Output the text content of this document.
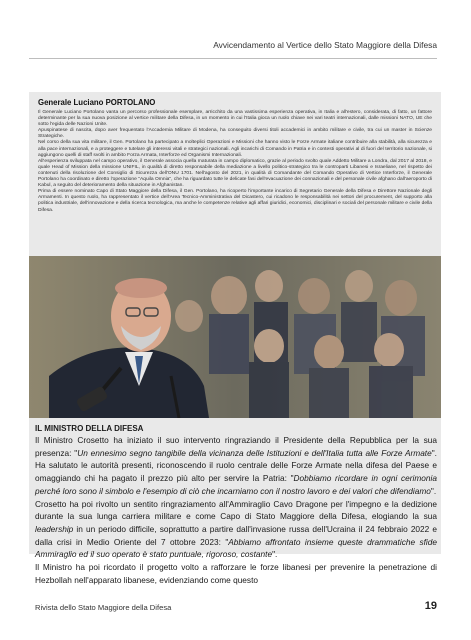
Avvicendamento al Vertice dello Stato Maggiore della Difesa
Generale Luciano PORTOLANO

Il Generale Luciano Portolano vanta un percorso professionale esemplare, arricchito da una vastissima esperienza operativa, in Italia e all'estero, considerata, di fatto, un fattore determinante per la sua nuova posizione al vertice militare della Difesa, in un momento in cui l'Italia gioca un ruolo chiave nei vari teatri internazionali, dalle missioni NATO, UE che sotto l'egida delle Nazioni Unite.

Apuspinatese di nascita, dopo aver frequentato l'Accademia Militare di Modena, ha conseguito diversi titoli accademici in ambito militare e civile, tra cui un master in Scienze Strategiche.

Nel corso della sua vita militare, il Gen. Portolano ha partecipato a molteplici Operazioni e Missioni che hanno visto le Forze Armate italiane contribuire alla stabilità, alla sicurezza e alla pace internazionali, e a proteggere e tutelare gli interessi vitali e strategici nazionali. Agli incarichi di Comando in Patria e in contesti operativi al di fuori del territorio nazionale, si aggiungono quelli di staff svolti in ambito Forza Armata, Interforze ed Organismi Internazionali.

All'esperienza sviluppata nel campo operativo, il Generale associa quella maturata in campo diplomatico, grazie al periodo svolto quale Addetto Militare a Londra, dal 2017 al 2018, e quale Head of Mission della missione UNIFIL, in qualità di diretto responsabile della mediazione a livello politico-strategico tra le controparti Libanesi e Israeliane, nel rispetto dei contenuti della risoluzione del Consiglio di Sicurezza dell'ONU 1701. Nell'agosto del 2021, in qualità di Comandante del Comando Operativo di Vertice Interforze, il Generale Portolano ha coordinato e diretto l'operazione "Aquila Omnia", che ha riguardato tutte le delicate fasi dell'evacuazione dei connazionali e del personale civile afghano dall'aeroporto di Kabul, a seguito del deterioramento della situazione in Afghanistan.

Prima di essere nominato Capo di Stato Maggiore della Difesa, il Gen. Portolano, ha ricoperto l'importante incarico di Segretario Generale della Difesa e Direttore Nazionale degli Armamenti. In questo ruolo, ha rappresentato il vertice dell'Area Tecnico-Amministrativa del Dicastero, cui ricadono le responsabilità nei settori del procurement, del supporto alla politica industriale, dell'innovazione e della ricerca tecnologica, ma anche le competenze relative agli affari giuridici, economici, disciplinari e sociali del personale militare e civile della Difesa.

IL MINISTRO DELLA DIFESA

Il Ministro Crosetto ha iniziato il suo intervento ringraziando il Presidente della Repubblica per la sua presenza: "Un ennesimo segno tangibile della vicinanza delle Istituzioni e dell'Italia tutta alle Forze Armate". Ha salutato le autorità presenti, riconoscendo il ruolo centrale delle Forze Armate nella difesa del Paese e omaggiando chi ha pagato il prezzo più alto per servire la Patria: "Dobbiamo ricordare in ogni cerimonia perché loro sono il simbolo e l'esempio di ciò che incarniamo con il nostro lavoro e dei valori che difendiamo".

Crosetto ha poi rivolto un sentito ringraziamento all'Ammiraglio Cavo Dragone per l'impegno e la dedizione durante la sua lunga carriera militare e come Capo di Stato Maggiore della Difesa, elogiando la sua leadership in un periodo difficile, soprattutto a partire dall'invasione russa dell'Ucraina il 24 febbraio 2022 e dalla crisi in Medio Oriente del 7 ottobre 2023: "Abbiamo affrontato insieme queste drammatiche sfide Ammiraglio ed il suo operato è stato puntuale, rigoroso, costante".

Il Ministro ha poi ricordato il progetto volto a rafforzare le forze libanesi per prevenire la penetrazione di Hezbollah nell'apparato libanese, evidenziando come questo

Rivista dello Stato Maggiore della Difesa	19
